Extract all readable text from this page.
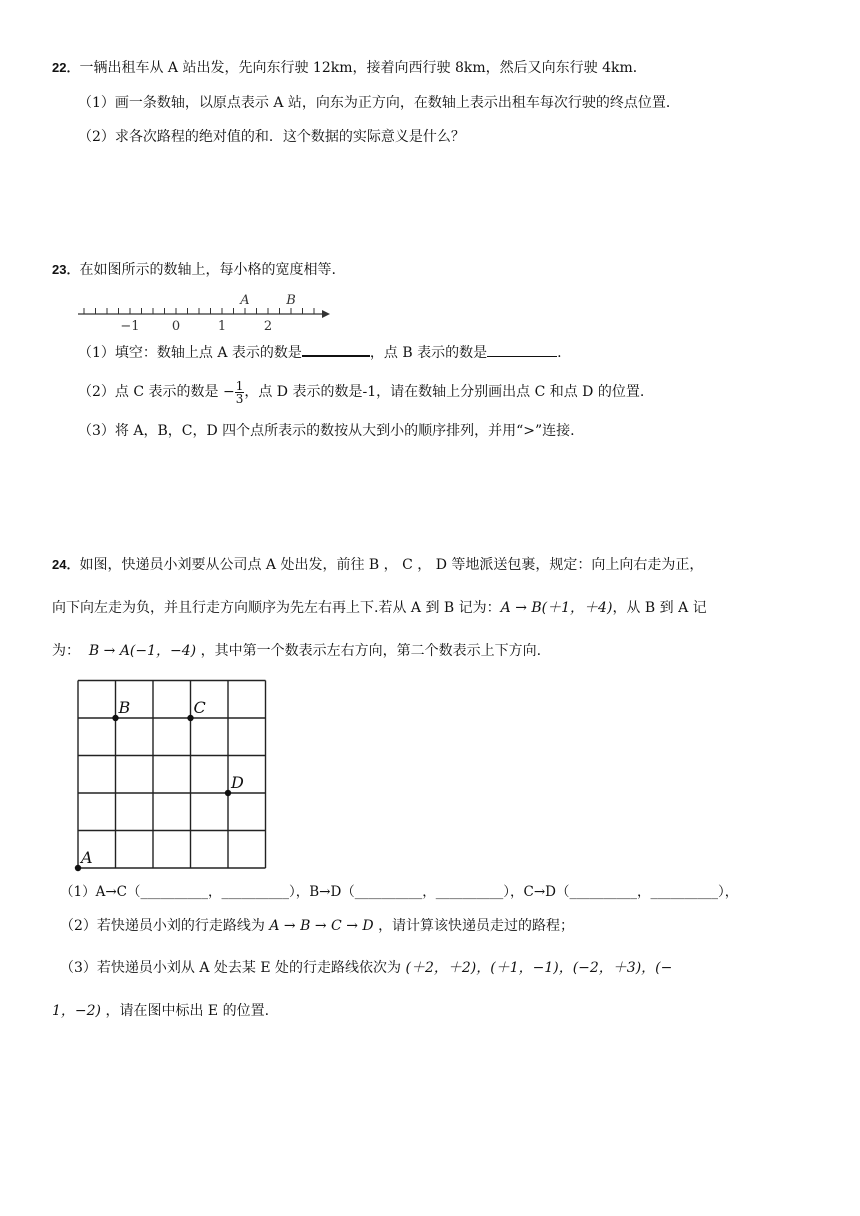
22．一辆出租车从 A 站出发，先向东行驶 12km，接着向西行驶 8km，然后又向东行驶 4km．
（1）画一条数轴，以原点表示 A 站，向东为正方向，在数轴上表示出租车每次行驶的终点位置．
（2）求各次路程的绝对值的和．这个数据的实际意义是什么？
23．在如图所示的数轴上，每小格的宽度相等.
−1 0	1	2
A	B
（1）填空：数轴上点 A 表示的数是	，点 B 表示的数是	.
（2）点 C 表示的数是 − $\frac{1}{3}$ ，点 D 表示的数是-1，请在数轴上分别画出点 C 和点 D 的位置.
（3）将 A，B，C，D 四个点所表示的数按从大到小的顺序排列，并用“>”连接.
24．如图，快递员小刘要从公司点 A 处出发，前往 B ， C ， D 等地派送包裹，规定：向上向右走为正，
向下向左走为负，并且行走方向顺序为先左右再上下.若从 A 到 B 记为：A → B(＋1，＋4)，从 B 到 A 记
为： B → A(−1，−4) ，其中第一个数表示左右方向，第二个数表示上下方向.
A
B	C
D
（1）A→C（__________，__________），B→D（__________，__________），C→D（__________，__________），
（2）若快递员小刘的行走路线为 A → B → C → D ，请计算该快递员走过的路程；
（3）若快递员小刘从 A 处去某 E 处的行走路线依次为 (＋2，＋2)，(＋1，−1)，(−2，＋3)，(−
1，−2) ，请在图中标出 E 的位置.
